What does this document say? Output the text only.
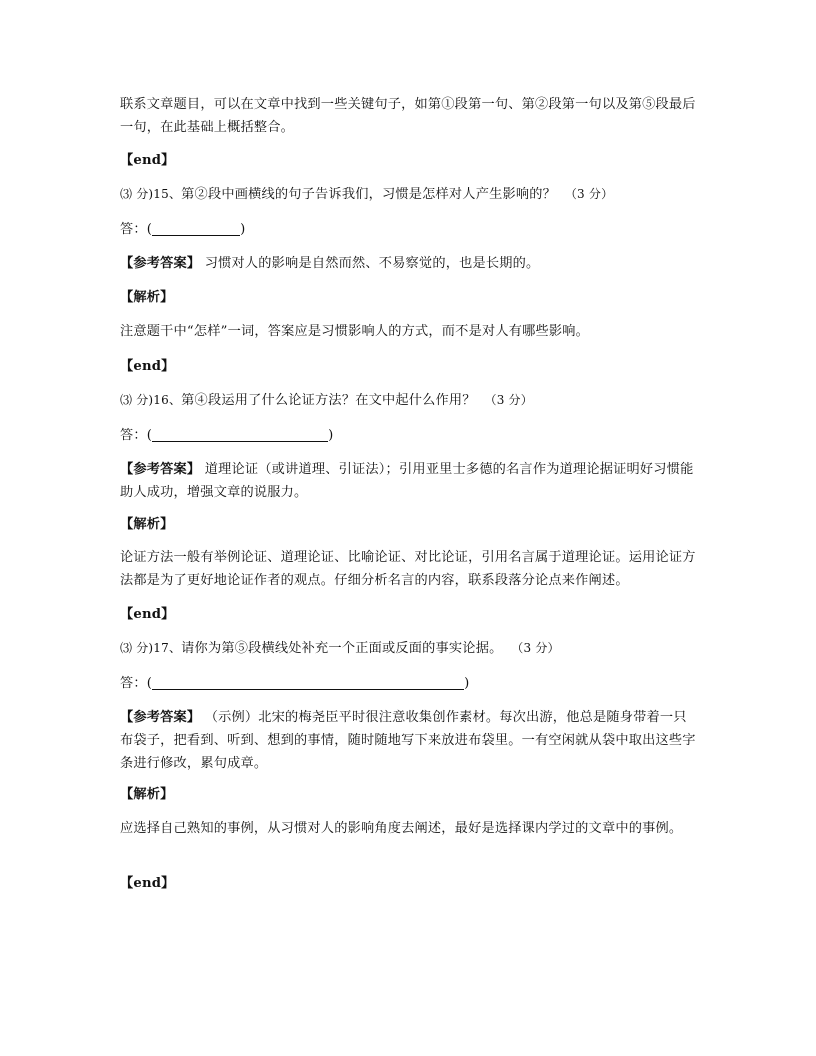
联系文章题目，可以在文章中找到一些关键句子，如第①段第一句、第②段第一句以及第⑤段最后一句，在此基础上概括整合。
【end】
⑶ 分)15、第②段中画横线的句子告诉我们，习惯是怎样对人产生影响的？ （3 分）
答：(	)
【参考答案】 习惯对人的影响是自然而然、不易察觉的，也是长期的。
【解析】
注意题干中“怎样”一词，答案应是习惯影响人的方式，而不是对人有哪些影响。
【end】
⑶ 分)16、第④段运用了什么论证方法？在文中起什么作用？ （3 分）
答：(	)
【参考答案】 道理论证（或讲道理、引证法）；引用亚里士多德的名言作为道理论据证明好习惯能助人成功，增强文章的说服力。
【解析】
论证方法一般有举例论证、道理论证、比喻论证、对比论证，引用名言属于道理论证。运用论证方法都是为了更好地论证作者的观点。仔细分析名言的内容，联系段落分论点来作阐述。
【end】
⑶ 分)17、请你为第⑤段横线处补充一个正面或反面的事实论据。 （3 分）
答：(	)
【参考答案】 （示例）北宋的梅尧臣平时很注意收集创作素材。每次出游，他总是随身带着一只布袋子，把看到、听到、想到的事情，随时随地写下来放进布袋里。一有空闲就从袋中取出这些字条进行修改，累句成章。
【解析】
应选择自己熟知的事例，从习惯对人的影响角度去阐述，最好是选择课内学过的文章中的事例。
【end】
